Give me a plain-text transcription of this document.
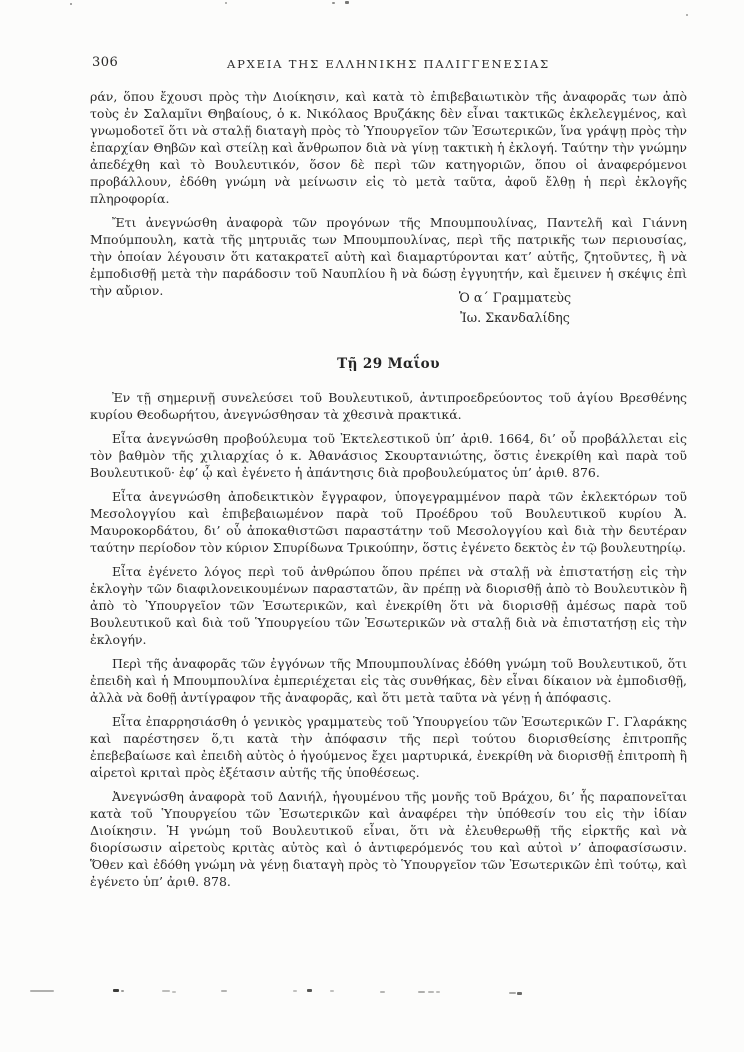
306	ΑΡΧΕΙΑ ΤΗΣ ΕΛΛΗΝΙΚΗΣ ΠΑΛΙΓΓΕΝΕΣΙΑΣ

ράν, ὅπου ἔχουσι πρὸς τὴν Διοίκησιν, καὶ κατὰ τὸ ἐπιβεβαιωτικὸν τῆς ἀναφορᾶς των ἀπὸ τοὺς ἐν Σαλαμῖνι Θηβαίους, ὁ κ. Νικόλαος Βρυζάκης δὲν εἶναι τακτικῶς ἐκλελεγμένος, καὶ γνωμοδοτεῖ ὅτι νὰ σταλῇ διαταγὴ πρὸς τὸ Ὑπουργεῖον τῶν Ἐσωτερικῶν, ἵνα γράψῃ πρὸς τὴν ἐπαρχίαν Θηβῶν καὶ στείλῃ καὶ ἄνθρωπον διὰ νὰ γίνῃ τακτικὴ ἡ ἐκλογή. Ταύτην τὴν γνώμην ἀπεδέχθη καὶ τὸ Βουλευτικόν, ὅσον δὲ περὶ τῶν κατηγοριῶν, ὅπου οἱ ἀναφερόμενοι προβάλλουν, ἐδόθη γνώμη νὰ μείνωσιν εἰς τὸ μετὰ ταῦτα, ἀφοῦ ἔλθῃ ἡ περὶ ἐκλογῆς πληροφορία.

Ἔτι ἀνεγνώσθη ἀναφορὰ τῶν προγόνων τῆς Μπουμπουλίνας, Παντελῆ καὶ Γιάννη Μπούμπουλη, κατὰ τῆς μητρυιᾶς των Μπουμπουλίνας, περὶ τῆς πατρικῆς των περιουσίας, τὴν ὁποίαν λέγουσιν ὅτι κατακρατεῖ αὐτὴ καὶ διαμαρτύρονται κατ’ αὐτῆς, ζητοῦντες, ἢ νὰ ἐμποδισθῇ μετὰ τὴν παράδοσιν τοῦ Ναυπλίου ἢ νὰ δώσῃ ἐγγυητήν, καὶ ἔμεινεν ἡ σκέψις ἐπὶ τὴν αὔριον.	Ὁ α΄ Γραμματεὺς
Ἰω. Σκανδαλίδης
Τῇ 29 Μαΐου

Ἐν τῇ σημερινῇ συνελεύσει τοῦ Βουλευτικοῦ, ἀντιπροεδρεύοντος τοῦ ἁγίου Βρεσθένης κυρίου Θεοδωρήτου, ἀνεγνώσθησαν τὰ χθεσινὰ πρακτικά.

Εἶτα ἀνεγνώσθη προβούλευμα τοῦ Ἐκτελεστικοῦ ὑπ’ ἀριθ. 1664, δι’ οὗ προβάλλεται εἰς τὸν βαθμὸν τῆς χιλιαρχίας ὁ κ. Ἀθανάσιος Σκουρτανιώτης, ὅστις ἐνεκρίθη καὶ παρὰ τοῦ Βουλευτικοῦ· ἐφ’ ᾧ καὶ ἐγένετο ἡ ἀπάντησις διὰ προβουλεύματος ὑπ’ ἀριθ. 876.

Εἶτα ἀνεγνώσθη ἀποδεικτικὸν ἔγγραφον, ὑπογεγραμμένον παρὰ τῶν ἐκλεκτόρων τοῦ Μεσολογγίου καὶ ἐπιβεβαιωμένον παρὰ τοῦ Προέδρου τοῦ Βουλευτικοῦ κυρίου Ἀ. Μαυροκορδάτου, δι’ οὗ ἀποκαθιστῶσι παραστάτην τοῦ Μεσολογγίου καὶ διὰ τὴν δευτέραν ταύτην περίοδον τὸν κύριον Σπυρίδωνα Τρικούπην, ὅστις ἐγένετο δεκτὸς ἐν τῷ βουλευτηρίῳ.

Εἶτα ἐγένετο λόγος περὶ τοῦ ἀνθρώπου ὅπου πρέπει νὰ σταλῇ νὰ ἐπιστατήσῃ εἰς τὴν ἐκλογὴν τῶν διαφιλονεικουμένων παραστατῶν, ἂν πρέπῃ νὰ διορισθῇ ἀπὸ τὸ Βουλευτικὸν ἢ ἀπὸ τὸ Ὑπουργεῖον τῶν Ἐσωτερικῶν, καὶ ἐνεκρίθη ὅτι νὰ διορισθῇ ἀμέσως παρὰ τοῦ Βουλευτικοῦ καὶ διὰ τοῦ Ὑπουργείου τῶν Ἐσωτερικῶν νὰ σταλῇ διὰ νὰ ἐπιστατήσῃ εἰς τὴν ἐκλογήν.

Περὶ τῆς ἀναφορᾶς τῶν ἐγγόνων τῆς Μπουμπουλίνας ἐδόθη γνώμη τοῦ Βουλευτικοῦ, ὅτι ἐπειδὴ καὶ ἡ Μπουμπουλίνα ἐμπεριέχεται εἰς τὰς συνθήκας, δὲν εἶναι δίκαιον νὰ ἐμποδισθῇ, ἀλλὰ νὰ δοθῇ ἀντίγραφον τῆς ἀναφορᾶς, καὶ ὅτι μετὰ ταῦτα νὰ γένῃ ἡ ἀπόφασις.

Εἶτα ἐπαρρησιάσθη ὁ γενικὸς γραμματεὺς τοῦ Ὑπουργείου τῶν Ἐσωτερικῶν Γ. Γλαράκης καὶ παρέστησεν ὅ,τι κατὰ τὴν ἀπόφασιν τῆς περὶ τούτου διορισθείσης ἐπιτροπῆς ἐπεβεβαίωσε καὶ ἐπειδὴ αὐτὸς ὁ ἡγούμενος ἔχει μαρτυρικά, ἐνεκρίθη νὰ διορισθῇ ἐπιτροπὴ ἢ αἱρετοὶ κριταὶ πρὸς ἐξέτασιν αὐτῆς τῆς ὑποθέσεως.

Ἀνεγνώσθη ἀναφορὰ τοῦ Δανιήλ, ἡγουμένου τῆς μονῆς τοῦ Βράχου, δι’ ἧς παραπονεῖται κατὰ τοῦ Ὑπουργείου τῶν Ἐσωτερικῶν καὶ ἀναφέρει τὴν ὑπόθεσίν του εἰς τὴν ἰδίαν Διοίκησιν. Ἡ γνώμη τοῦ Βουλευτικοῦ εἶναι, ὅτι νὰ ἐλευθερωθῇ τῆς εἱρκτῆς καὶ νὰ διορίσωσιν αἱρετοὺς κριτὰς αὐτὸς καὶ ὁ ἀντιφερόμενός του καὶ αὐτοὶ ν’ ἀποφασίσωσιν. Ὅθεν καὶ ἐδόθη γνώμη νὰ γένῃ διαταγὴ πρὸς τὸ Ὑπουργεῖον τῶν Ἐσωτερικῶν ἐπὶ τούτῳ, καὶ ἐγένετο ὑπ’ ἀριθ. 878.
